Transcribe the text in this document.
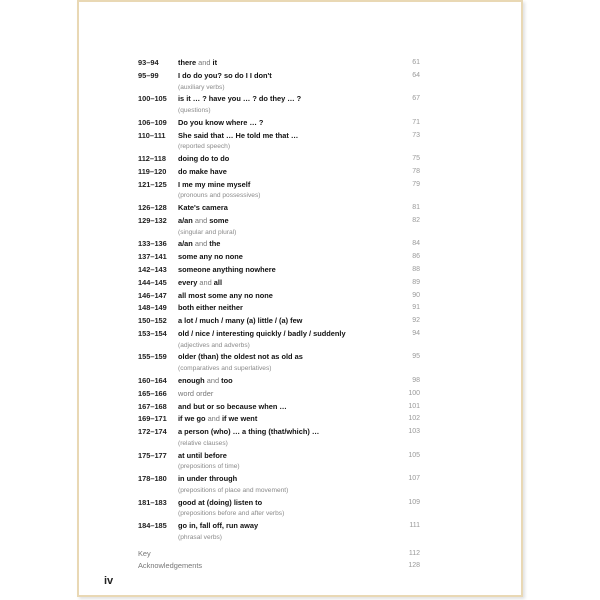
93–94	there and it	61
95–99	I do do you? so do I I don't	64
(auxiliary verbs)
100–105 is it … ? have you … ? do they … ?	67
(questions)
106–109 Do you know where … ?	71
110–111 She said that … He told me that …	73
(reported speech)
112–118 doing do to do	75
119–120 do make have	78
121–125 I me my mine myself	79
(pronouns and possessives)
126–128 Kate's camera	81
129–132 a/an and some	82
(singular and plural)
133–136 a/an and the	84
137–141 some any no none	86
142–143 someone anything nowhere	88
144–145 every and all	89
146–147 all most some any no none	90
148–149 both either neither	91
150–152 a lot / much / many (a) little / (a) few	92
153–154 old / nice / interesting quickly / badly / suddenly	94
(adjectives and adverbs)
155–159 older (than) the oldest not as old as	95
(comparatives and superlatives)
160–164 enough and too	98
165–166 word order	100
167–168 and but or so because when …	101
169–171 if we go and if we went	102
172–174 a person (who) … a thing (that/which) …	103
(relative clauses)
175–177 at until before	105
(prepositions of time)
178–180 in under through	107
(prepositions of place and movement)
181–183 good at (doing) listen to	109
(prepositions before and after verbs)
184–185 go in, fall off, run away	111
(phrasal verbs)
Key	112
Acknowledgements	128
iv
